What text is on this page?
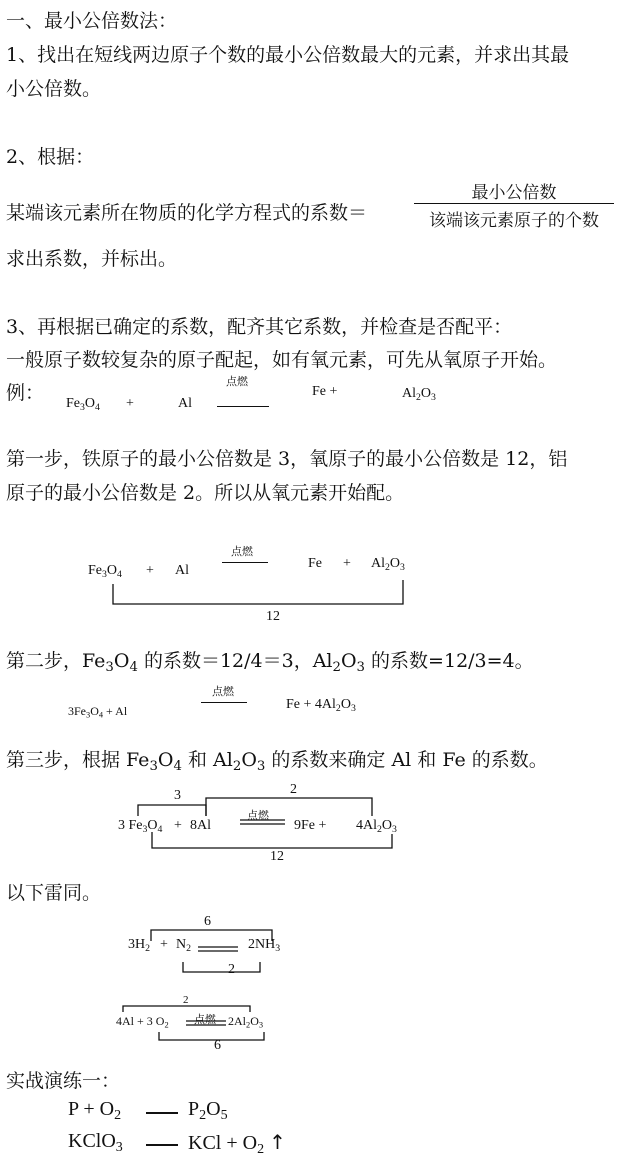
一、最小公倍数法：
1、找出在短线两边原子个数的最小公倍数最大的元素，并求出其最
小公倍数。
2、根据：
某端该元素所在物质的化学方程式的系数＝
最小公倍数
该端该元素原子的个数
求出系数，并标出。
3、再根据已确定的系数，配齐其它系数，并检查是否配平：
一般原子数较复杂的原子配起，如有氧元素，可先从氧原子开始。
例： $Fe_3O_4$ +	Al
点燃
Fe +	$Al_2O_3$
第一步，铁原子的最小公倍数是 3，氧原子的最小公倍数是 12，铝
原子的最小公倍数是 2。所以从氧元素开始配。
$Fe_3O_4 + Al$
点燃
$Fe + Al_2O_3$
12
第二步，$Fe_3O_4$ 的系数＝12/4＝3，$Al_2O_3$ 的系数=12/3=4。
$3Fe_3O_4 + Al$
点燃
$Fe + 4Al_2O_3$
第三步，根据 $Fe_3O_4$ 和 $Al_2O_3$ 的系数来确定 Al 和 Fe 的系数。
3	2
3 $Fe_3O_4 + 8Al$
点燃
$9Fe + 4Al_2O_3$
12
以下雷同。
6
$3H_2 + N_2$	$2NH_3$
2
2
点燃
4Al + 3 $O_2$	$2Al_2O_3$
6
实战演练一：
$P + O_2$	$P_2O_5$
KClO$_3$	KCl + $O_2$ ↑
